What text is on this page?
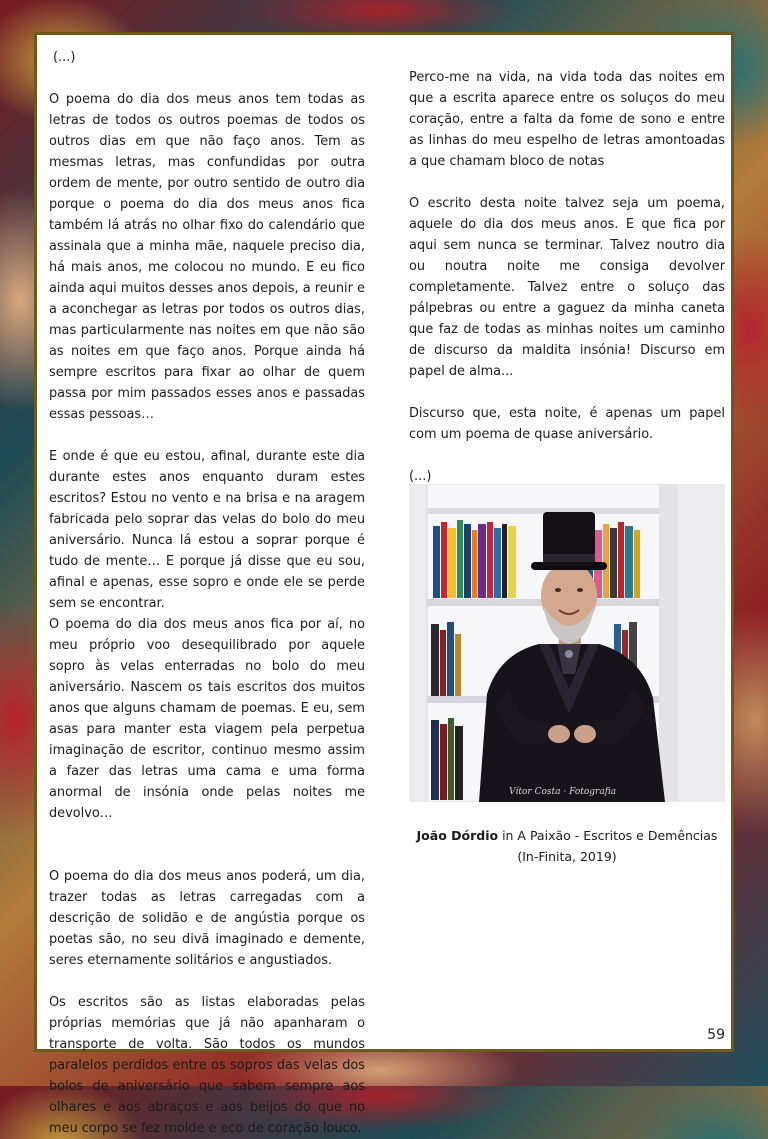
(...)

O poema do dia dos meus anos tem todas as letras de todos os outros poemas de todos os outros dias em que não faço anos. Tem as mesmas letras, mas confundidas por outra ordem de mente, por outro sentido de outro dia porque o poema do dia dos meus anos fica também lá atrás no olhar fixo do calendário que assinala que a minha mãe, naquele preciso dia, há mais anos, me colocou no mundo. E eu fico ainda aqui muitos desses anos depois, a reunir e a aconchegar as letras por todos os outros dias, mas particularmente nas noites em que não são as noites em que faço anos. Porque ainda há sempre escritos para fixar ao olhar de quem passa por mim passados esses anos e passadas essas pessoas…

E onde é que eu estou, afinal, durante este dia durante estes anos enquanto duram estes escritos? Estou no vento e na brisa e na aragem fabricada pelo soprar das velas do bolo do meu aniversário. Nunca lá estou a soprar porque é tudo de mente… E porque já disse que eu sou, afinal e apenas, esse sopro e onde ele se perde sem se encontrar.

O poema do dia dos meus anos fica por aí, no meu próprio voo desequilibrado por aquele sopro às velas enterradas no bolo do meu aniversário. Nascem os tais escritos dos muitos anos que alguns chamam de poemas. E eu, sem asas para manter esta viagem pela perpetua imaginação de escritor, continuo mesmo assim a fazer das letras uma cama e uma forma anormal de insónia onde pelas noites me devolvo…

O poema do dia dos meus anos poderá, um dia, trazer todas as letras carregadas com a descrição de solidão e de angústia porque os poetas são, no seu divã imaginado e demente, seres eternamente solitários e angustiados.

Os escritos são as listas elaboradas pelas próprias memórias que já não apanharam o transporte de volta. São todos os mundos paralelos perdidos entre os sopros das velas dos bolos de aniversário que sabem sempre aos olhares e aos abraços e aos beijos do que no meu corpo se fez molde e eco de coração louco.

Perco-me na vida, na vida toda das noites em que a escrita aparece entre os soluços do meu coração, entre a falta da fome de sono e entre as linhas do meu espelho de letras amontoadas a que chamam bloco de notas

O escrito desta noite talvez seja um poema, aquele do dia dos meus anos. E que fica por aqui sem nunca se terminar. Talvez noutro dia ou noutra noite me consiga devolver completamente. Talvez entre o soluço das pálpebras ou entre a gaguez da minha caneta que faz de todas as minhas noites um caminho de discurso da maldita insónia! Discurso em papel de alma...

Discurso que, esta noite, é apenas um papel com um poema de quase aniversário.

(...)

Vítor Costa · Fotografia
João Dórdio in A Paixão - Escritos e Demências
(In-Finita, 2019)
59
